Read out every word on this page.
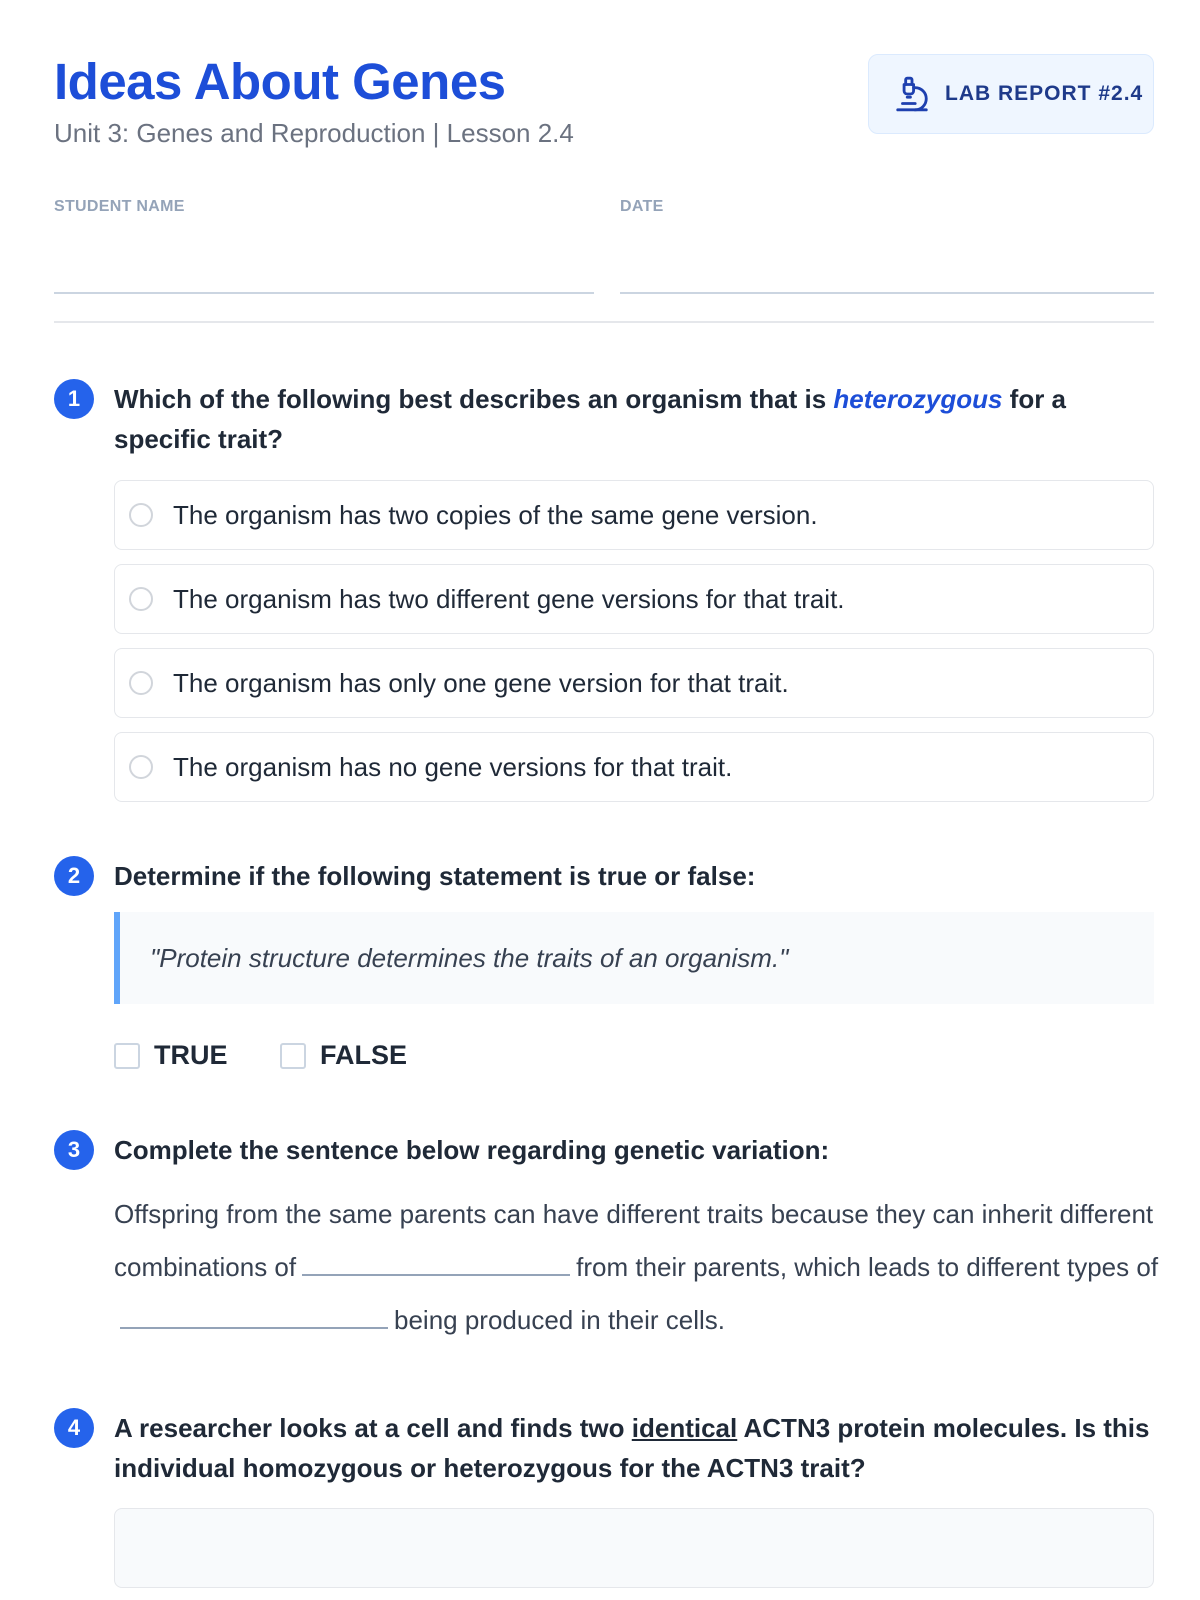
Ideas About Genes

Unit 3: Genes and Reproduction | Lesson 2.4

LAB REPORT #2.4
STUDENT NAME	DATE
1	Which of the following best describes an organism that is heterozygous for a specific trait?
The organism has two copies of the same gene version.
The organism has two different gene versions for that trait.
The organism has only one gene version for that trait.
The organism has no gene versions for that trait.
2	Determine if the following statement is true or false:
"Protein structure determines the traits of an organism."
TRUE	FALSE
3	Complete the sentence below regarding genetic variation:
Offspring from the same parents can have different traits because they can inherit different combinations of	from their parents, which leads to different types ofbeing produced in their cells.
4	A researcher looks at a cell and finds two identical ACTN3 protein molecules. Is this individual homozygous or heterozygous for the ACTN3 trait?
